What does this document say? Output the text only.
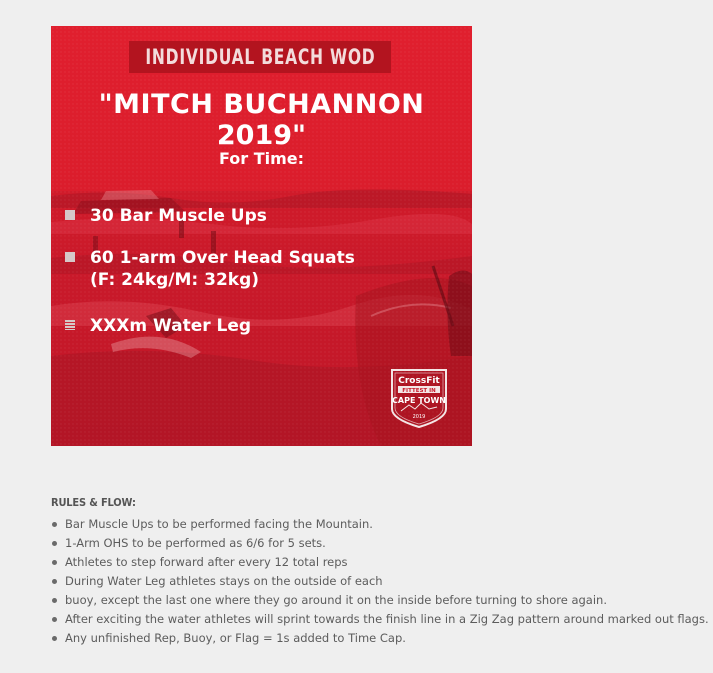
INDIVIDUAL BEACH WOD
"MITCH BUCHANNON
2019"
For Time:
30 Bar Muscle Ups
60 1-arm Over Head Squats
(F: 24kg/M: 32kg)
XXXm Water Leg
CrossFit
FITTEST IN
CAPE TOWN
2019
RULES & FLOW:
Bar Muscle Ups to be performed facing the Mountain.
1-Arm OHS to be performed as 6/6 for 5 sets.
Athletes to step forward after every 12 total reps
During Water Leg athletes stays on the outside of each
buoy, except the last one where they go around it on the inside before turning to shore again.
After exciting the water athletes will sprint towards the finish line in a Zig Zag pattern around marked out flags.
Any unfinished Rep, Buoy, or Flag = 1s added to Time Cap.
